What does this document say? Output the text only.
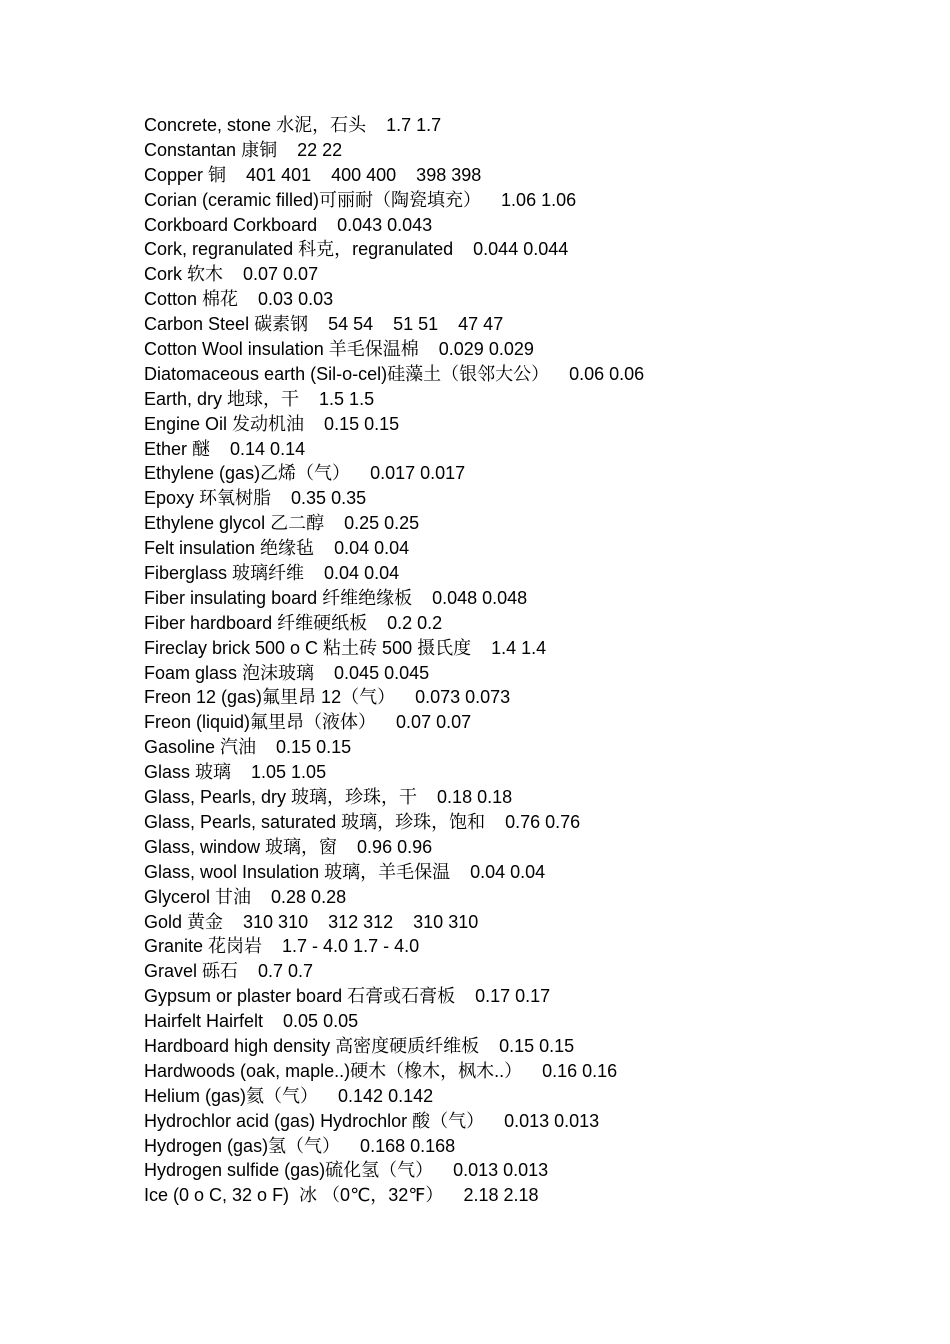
Concrete, stone 水泥，石头    1.7 1.7
Constantan 康铜    22 22
Copper 铜    401 401    400 400    398 398
Corian (ceramic filled)可丽耐（陶瓷填充）    1.06 1.06
Corkboard Corkboard    0.043 0.043
Cork, regranulated 科克，regranulated    0.044 0.044
Cork 软木    0.07 0.07
Cotton 棉花    0.03 0.03
Carbon Steel 碳素钢    54 54    51 51    47 47
Cotton Wool insulation 羊毛保温棉    0.029 0.029
Diatomaceous earth (Sil-o-cel)硅藻土（银邻大公）    0.06 0.06
Earth, dry 地球，干    1.5 1.5
Engine Oil 发动机油    0.15 0.15
Ether 醚    0.14 0.14
Ethylene (gas)乙烯（气）    0.017 0.017
Epoxy 环氧树脂    0.35 0.35
Ethylene glycol 乙二醇    0.25 0.25
Felt insulation 绝缘毡    0.04 0.04
Fiberglass 玻璃纤维    0.04 0.04
Fiber insulating board 纤维绝缘板    0.048 0.048
Fiber hardboard 纤维硬纸板    0.2 0.2
Fireclay brick 500 o C 粘土砖 500 摄氏度    1.4 1.4
Foam glass 泡沫玻璃    0.045 0.045
Freon 12 (gas)氟里昂 12（气）    0.073 0.073
Freon (liquid)氟里昂（液体）    0.07 0.07
Gasoline 汽油    0.15 0.15
Glass 玻璃    1.05 1.05
Glass, Pearls, dry 玻璃，珍珠，干    0.18 0.18
Glass, Pearls, saturated 玻璃，珍珠，饱和    0.76 0.76
Glass, window 玻璃，窗    0.96 0.96
Glass, wool Insulation 玻璃，羊毛保温    0.04 0.04
Glycerol 甘油    0.28 0.28
Gold 黄金    310 310    312 312    310 310
Granite 花岗岩    1.7 - 4.0 1.7 - 4.0
Gravel 砾石    0.7 0.7
Gypsum or plaster board 石膏或石膏板    0.17 0.17
Hairfelt Hairfelt    0.05 0.05
Hardboard high density 高密度硬质纤维板    0.15 0.15
Hardwoods (oak, maple..)硬木（橡木，枫木..）    0.16 0.16
Helium (gas)氦（气）    0.142 0.142
Hydrochlor acid (gas) Hydrochlor 酸（气）    0.013 0.013
Hydrogen (gas)氢（气）    0.168 0.168
Hydrogen sulfide (gas)硫化氢（气）    0.013 0.013
Ice (0 o C, 32 o F)  冰 （0℃，32℉）    2.18 2.18
